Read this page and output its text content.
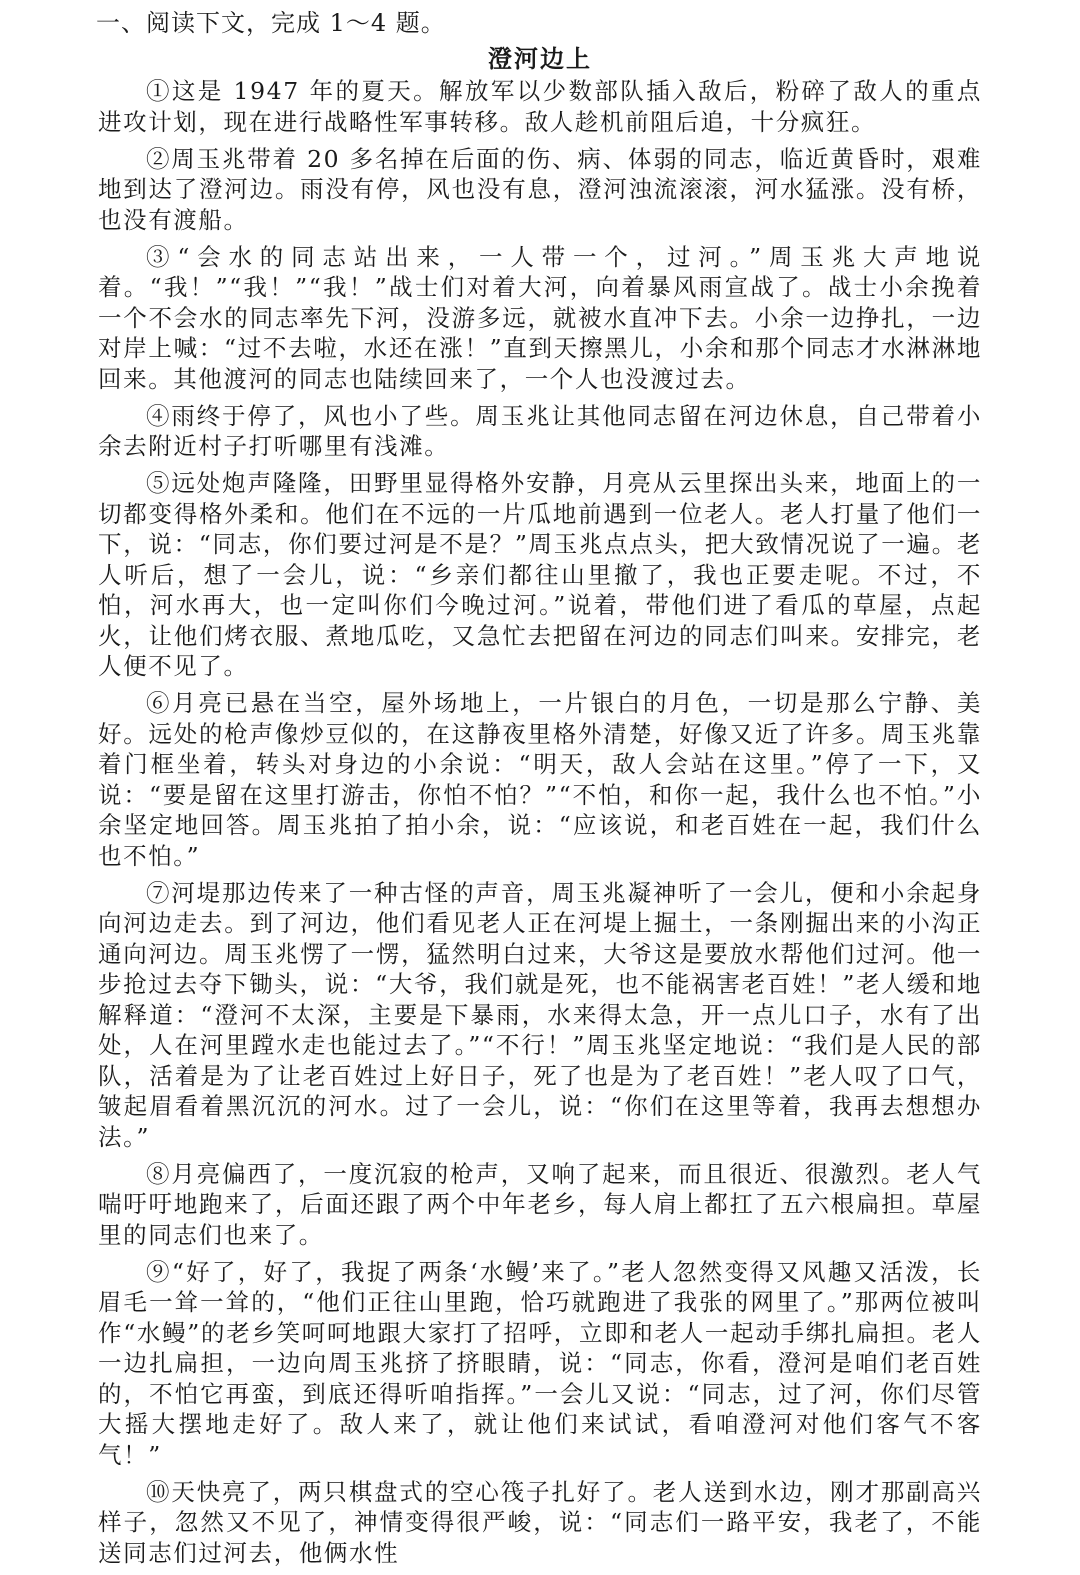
一、阅读下文，完成 1～4 题。
澄河边上

①这是 1947 年的夏天。解放军以少数部队插入敌后，粉碎了敌人的重点进攻计划，现在进行战略性军事转移。敌人趁机前阻后追，十分疯狂。

②周玉兆带着 20 多名掉在后面的伤、病、体弱的同志，临近黄昏时，艰难地到达了澄河边。雨没有停，风也没有息，澄河浊流滚滚，河水猛涨。没有桥，也没有渡船。

③“会水的同志站出来，一人带一个，过河。”周玉兆大声地说着。“我！”“我！”“我！”战士们对着大河，向着暴风雨宣战了。战士小余挽着一个不会水的同志率先下河，没游多远，就被水直冲下去。小余一边挣扎，一边对岸上喊：“过不去啦，水还在涨！”直到天擦黑儿，小余和那个同志才水淋淋地回来。其他渡河的同志也陆续回来了，一个人也没渡过去。

④雨终于停了，风也小了些。周玉兆让其他同志留在河边休息，自己带着小余去附近村子打听哪里有浅滩。

⑤远处炮声隆隆，田野里显得格外安静，月亮从云里探出头来，地面上的一切都变得格外柔和。他们在不远的一片瓜地前遇到一位老人。老人打量了他们一下，说：“同志，你们要过河是不是？”周玉兆点点头，把大致情况说了一遍。老人听后，想了一会儿，说：“乡亲们都往山里撤了，我也正要走呢。不过，不怕，河水再大，也一定叫你们今晚过河。”说着，带他们进了看瓜的草屋，点起火，让他们烤衣服、煮地瓜吃，又急忙去把留在河边的同志们叫来。安排完，老人便不见了。

⑥月亮已悬在当空，屋外场地上，一片银白的月色，一切是那么宁静、美好。远处的枪声像炒豆似的，在这静夜里格外清楚，好像又近了许多。周玉兆靠着门框坐着，转头对身边的小余说：“明天，敌人会站在这里。”停了一下，又说：“要是留在这里打游击，你怕不怕？”“不怕，和你一起，我什么也不怕。”小余坚定地回答。周玉兆拍了拍小余，说：“应该说，和老百姓在一起，我们什么也不怕。”

⑦河堤那边传来了一种古怪的声音，周玉兆凝神听了一会儿，便和小余起身向河边走去。到了河边，他们看见老人正在河堤上掘土，一条刚掘出来的小沟正通向河边。周玉兆愣了一愣，猛然明白过来，大爷这是要放水帮他们过河。他一步抢过去夺下锄头，说：“大爷，我们就是死，也不能祸害老百姓！”老人缓和地解释道：“澄河不太深，主要是下暴雨，水来得太急，开一点儿口子，水有了出处，人在河里蹚水走也能过去了。”“不行！”周玉兆坚定地说：“我们是人民的部队，活着是为了让老百姓过上好日子，死了也是为了老百姓！”老人叹了口气，皱起眉看着黑沉沉的河水。过了一会儿，说：“你们在这里等着，我再去想想办法。”

⑧月亮偏西了，一度沉寂的枪声，又响了起来，而且很近、很激烈。老人气喘吁吁地跑来了，后面还跟了两个中年老乡，每人肩上都扛了五六根扁担。草屋里的同志们也来了。

⑨“好了，好了，我捉了两条‘水鳗’来了。”老人忽然变得又风趣又活泼，长眉毛一耸一耸的，“他们正往山里跑，恰巧就跑进了我张的网里了。”那两位被叫作“水鳗”的老乡笑呵呵地跟大家打了招呼，立即和老人一起动手绑扎扁担。老人一边扎扁担，一边向周玉兆挤了挤眼睛，说：“同志，你看，澄河是咱们老百姓的，不怕它再蛮，到底还得听咱指挥。”一会儿又说：“同志，过了河，你们尽管大摇大摆地走好了。敌人来了，就让他们来试试，看咱澄河对他们客气不客气！”

⑩天快亮了，两只棋盘式的空心筏子扎好了。老人送到水边，刚才那副高兴样子，忽然又不见了，神情变得很严峻，说：“同志们一路平安，我老了，不能送同志们过河去，他俩水性
